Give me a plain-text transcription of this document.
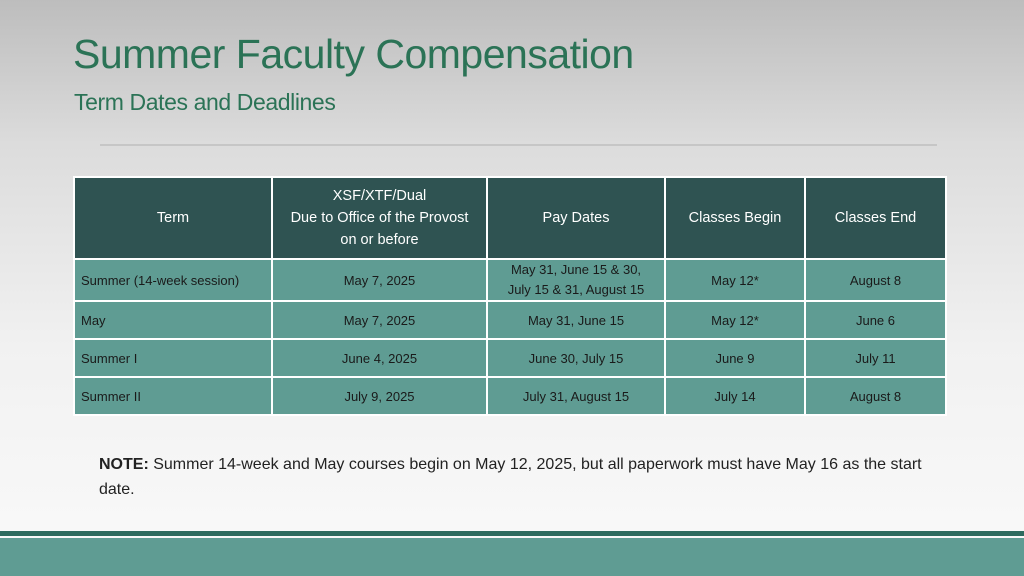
Summer Faculty Compensation
Term Dates and Deadlines
Term	XSF/XTF/Dual
Due to Office of the Provost
on or before	Pay Dates	Classes Begin	Classes End
Summer (14-week session)	May 7, 2025	May 31, June 15 & 30,
July 15 & 31, August 15	May 12*	August 8
May	May 7, 2025	May 31, June 15	May 12*	June 6
Summer I	June 4, 2025	June 30, July 15	June 9	July 11
Summer II	July 9, 2025	July 31, August 15	July 14	August 8
NOTE: Summer 14-week and May courses begin on May 12, 2025, but all paperwork must have May 16 as the start date.
